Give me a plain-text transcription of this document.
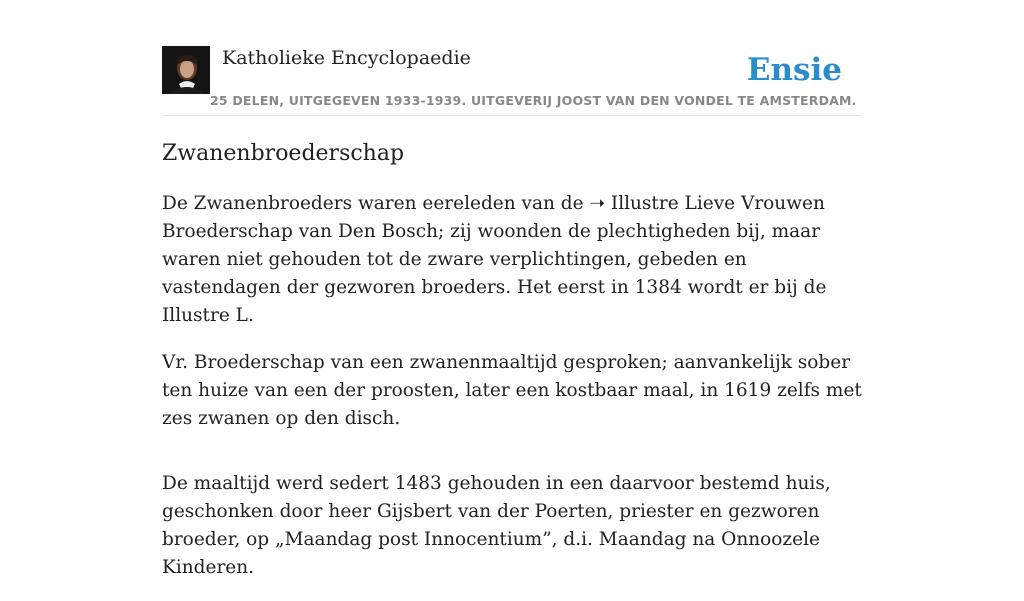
Katholieke Encyclopaedie
25 DELEN, UITGEGEVEN 1933-1939. UITGEVERIJ JOOST VAN DEN VONDEL TE AMSTERDAM.
Ensie
Zwanenbroederschap

De Zwanenbroeders waren eereleden van de ➝ Illustre Lieve Vrouwen Broederschap van Den Bosch; zij woonden de plechtigheden bij, maar waren niet gehouden tot de zware verplichtingen, gebeden en vastendagen der gezworen broeders. Het eerst in 1384 wordt er bij de Illustre L.

Vr. Broederschap van een zwanenmaaltijd gesproken; aanvankelijk sober ten huize van een der proosten, later een kostbaar maal, in 1619 zelfs met zes zwanen op den disch.

De maaltijd werd sedert 1483 gehouden in een daarvoor bestemd huis, geschonken door heer Gijsbert van der Poerten, priester en gezworen broeder, op „Maandag post Innocentium”, d.i. Maandag na Onnoozele Kinderen.
